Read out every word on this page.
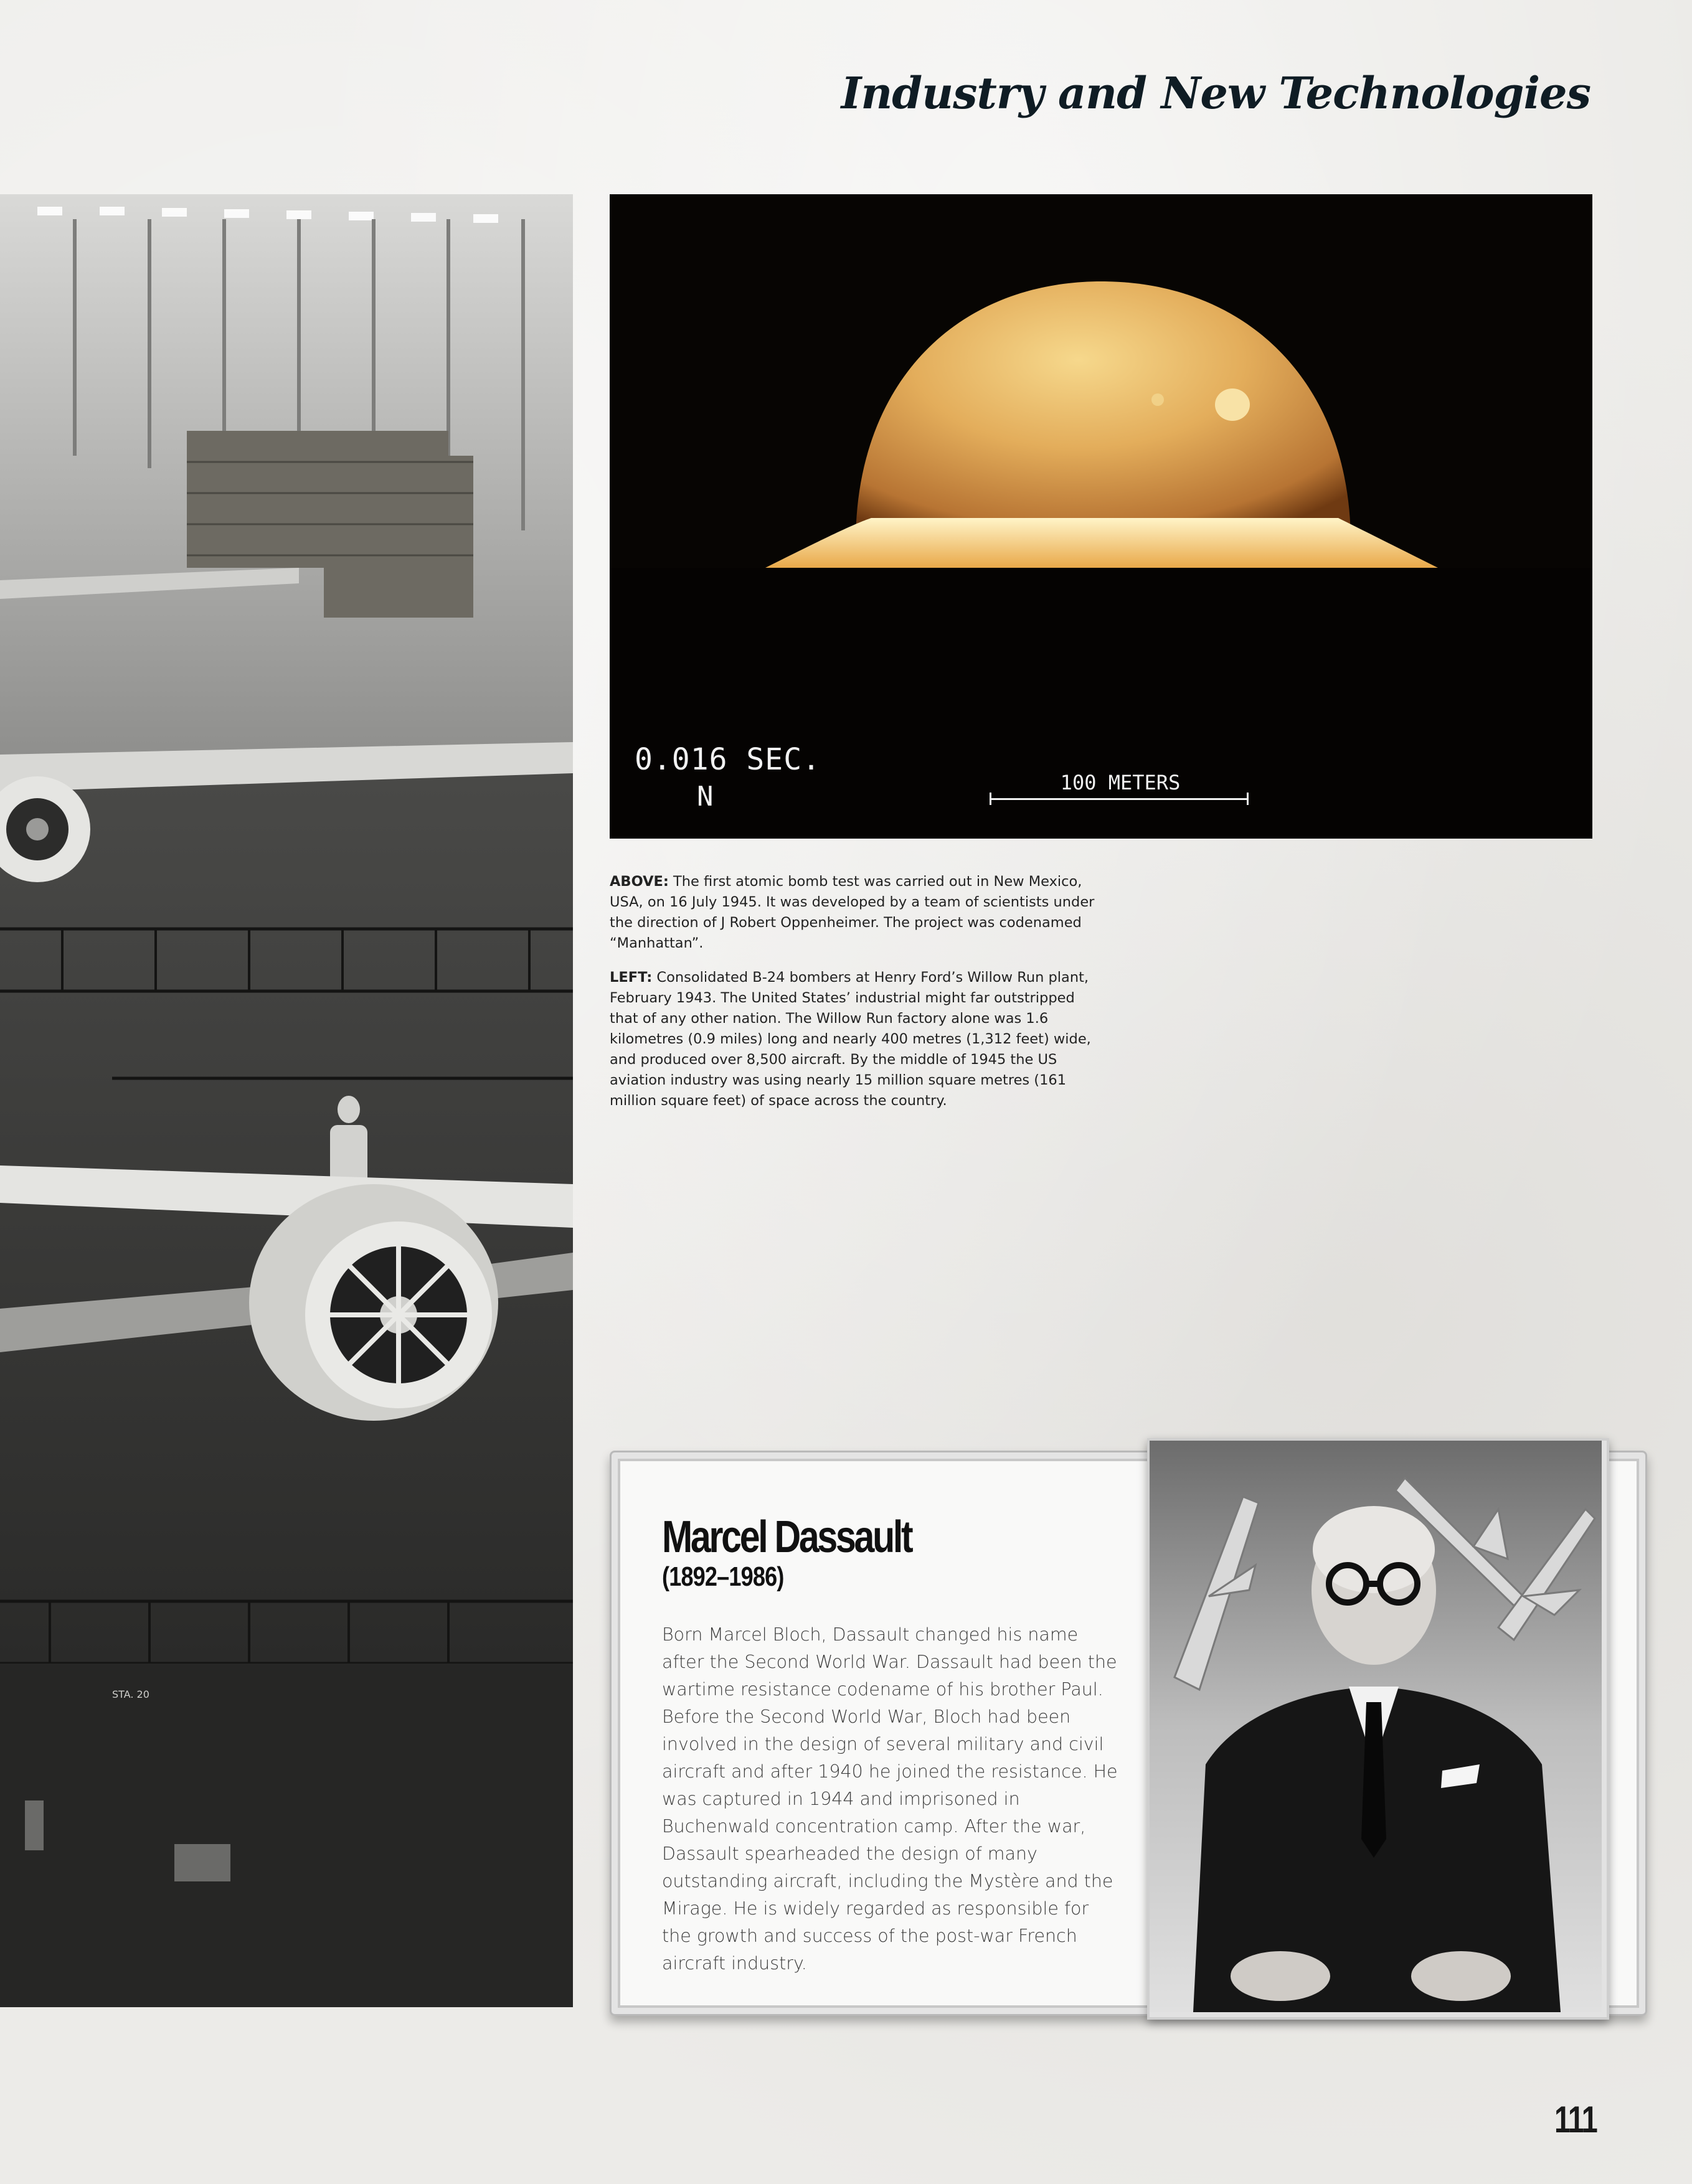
Industry and New Technologies
STA. 20
0.016 SEC.
N	100 METERS

ABOVE: The first atomic bomb test was carried out in New Mexico, USA, on 16 July 1945. It was developed by a team of scientists under the direction of J Robert Oppenheimer. The project was codenamed “Manhattan”.

LEFT: Consolidated B-24 bombers at Henry Ford’s Willow Run plant, February 1943. The United States’ industrial might far outstripped that of any other nation. The Willow Run factory alone was 1.6 kilometres (0.9 miles) long and nearly 400 metres (1,312 feet) wide, and produced over 8,500 aircraft. By the middle of 1945 the US aviation industry was using nearly 15 million square metres (161 million square feet) of space across the country.

Marcel Dassault

(1892–1986)

Born Marcel Bloch, Dassault changed his name after the Second World War. Dassault had been the wartime resistance codename of his brother Paul. Before the Second World War, Bloch had been involved in the design of several military and civil aircraft and after 1940 he joined the resistance. He was captured in 1944 and imprisoned in Buchenwald concentration camp. After the war, Dassault spearheaded the design of many outstanding aircraft, including the Mystère and the Mirage. He is widely regarded as responsible for the growth and success of the post-war French aircraft industry.

111
